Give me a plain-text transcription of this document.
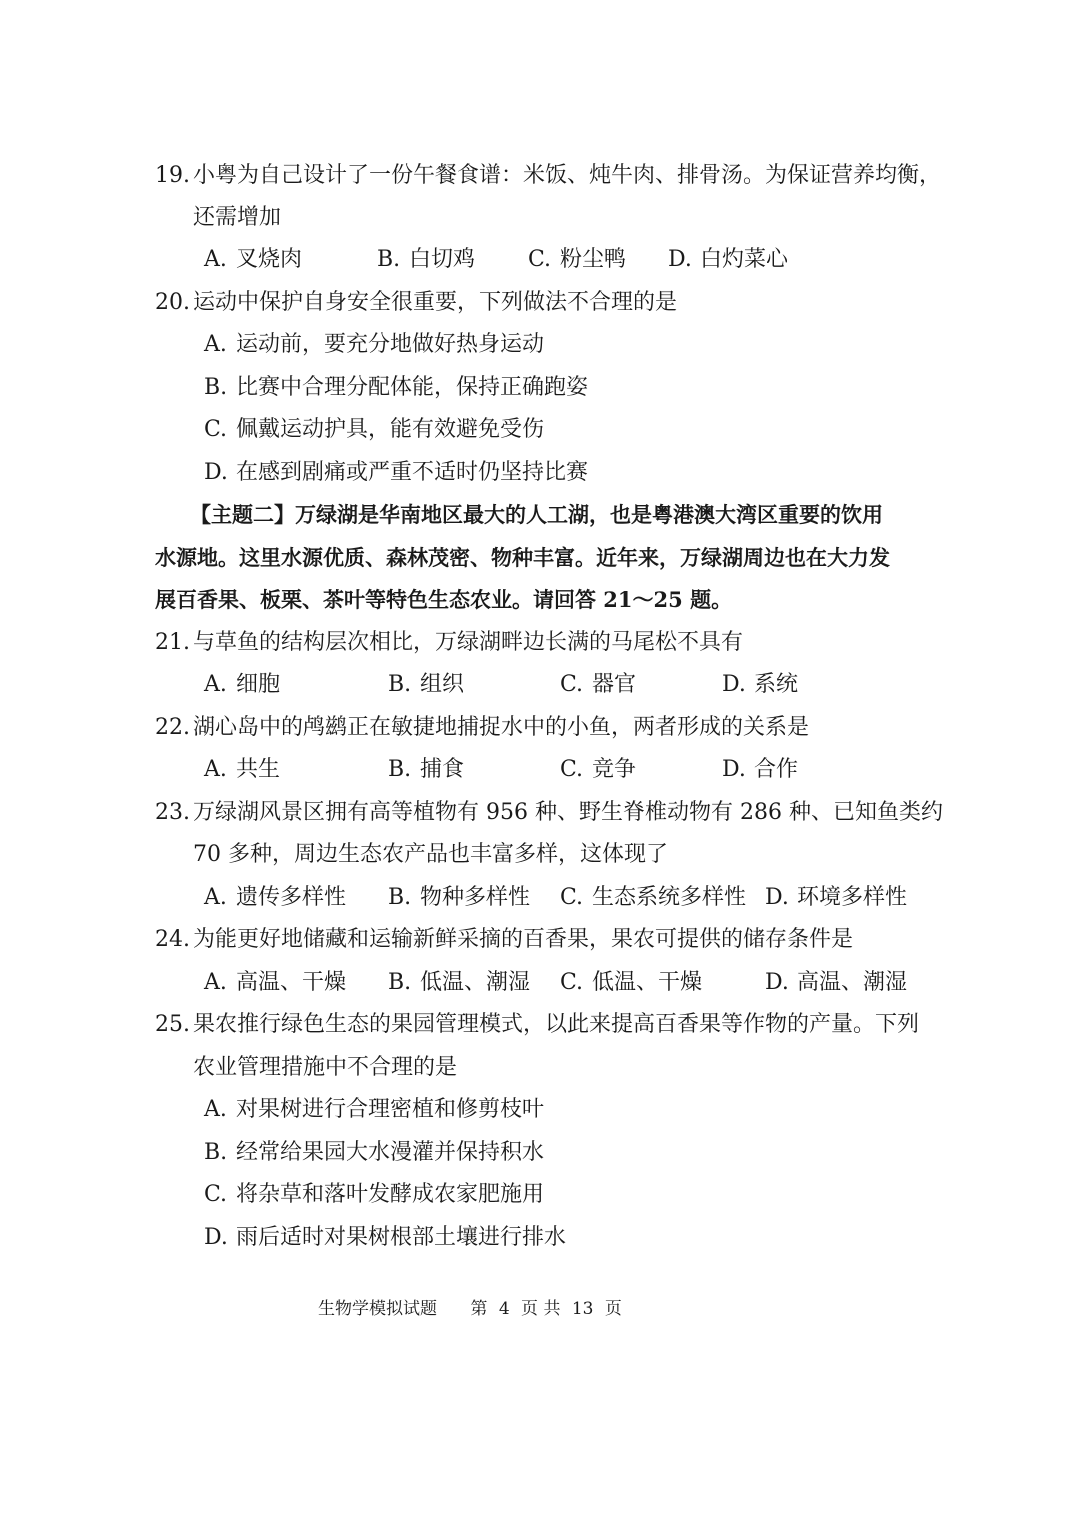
19. 小粤为自己设计了一份午餐食谱：米饭、炖牛肉、排骨汤。为保证营养均衡，
还需增加
A. 叉烧肉	B. 白切鸡 C. 粉尘鸭 D. 白灼菜心
20. 运动中保护自身安全很重要，下列做法不合理的是
A. 运动前，要充分地做好热身运动
B. 比赛中合理分配体能，保持正确跑姿
C. 佩戴运动护具，能有效避免受伤
D. 在感到剧痛或严重不适时仍坚持比赛
【主题二】万绿湖是华南地区最大的人工湖，也是粤港澳大湾区重要的饮用
水源地。这里水源优质、森林茂密、物种丰富。近年来，万绿湖周边也在大力发
展百香果、板栗、茶叶等特色生态农业。请回答 21～25 题。
21. 与草鱼的结构层次相比，万绿湖畔边长满的马尾松不具有
A. 细胞	B. 组织	C. 器官	D. 系统
22. 湖心岛中的鸬鹚正在敏捷地捕捉水中的小鱼，两者形成的关系是
A. 共生	B. 捕食	C. 竞争	D. 合作
23. 万绿湖风景区拥有高等植物有 956 种、野生脊椎动物有 286 种、已知鱼类约
70 多种，周边生态农产品也丰富多样，这体现了
A. 遗传多样性 B. 物种多样性 C. 生态系统多样性 D. 环境多样性
24. 为能更好地储藏和运输新鲜采摘的百香果，果农可提供的储存条件是
A. 高温、干燥 B. 低温、潮湿 C. 低温、干燥	D. 高温、潮湿
25. 果农推行绿色生态的果园管理模式，以此来提高百香果等作物的产量。下列
农业管理措施中不合理的是
A. 对果树进行合理密植和修剪枝叶
B. 经常给果园大水漫灌并保持积水
C. 将杂草和落叶发酵成农家肥施用
D. 雨后适时对果树根部土壤进行排水
生物学模拟试题 第 4 页 共 13 页
